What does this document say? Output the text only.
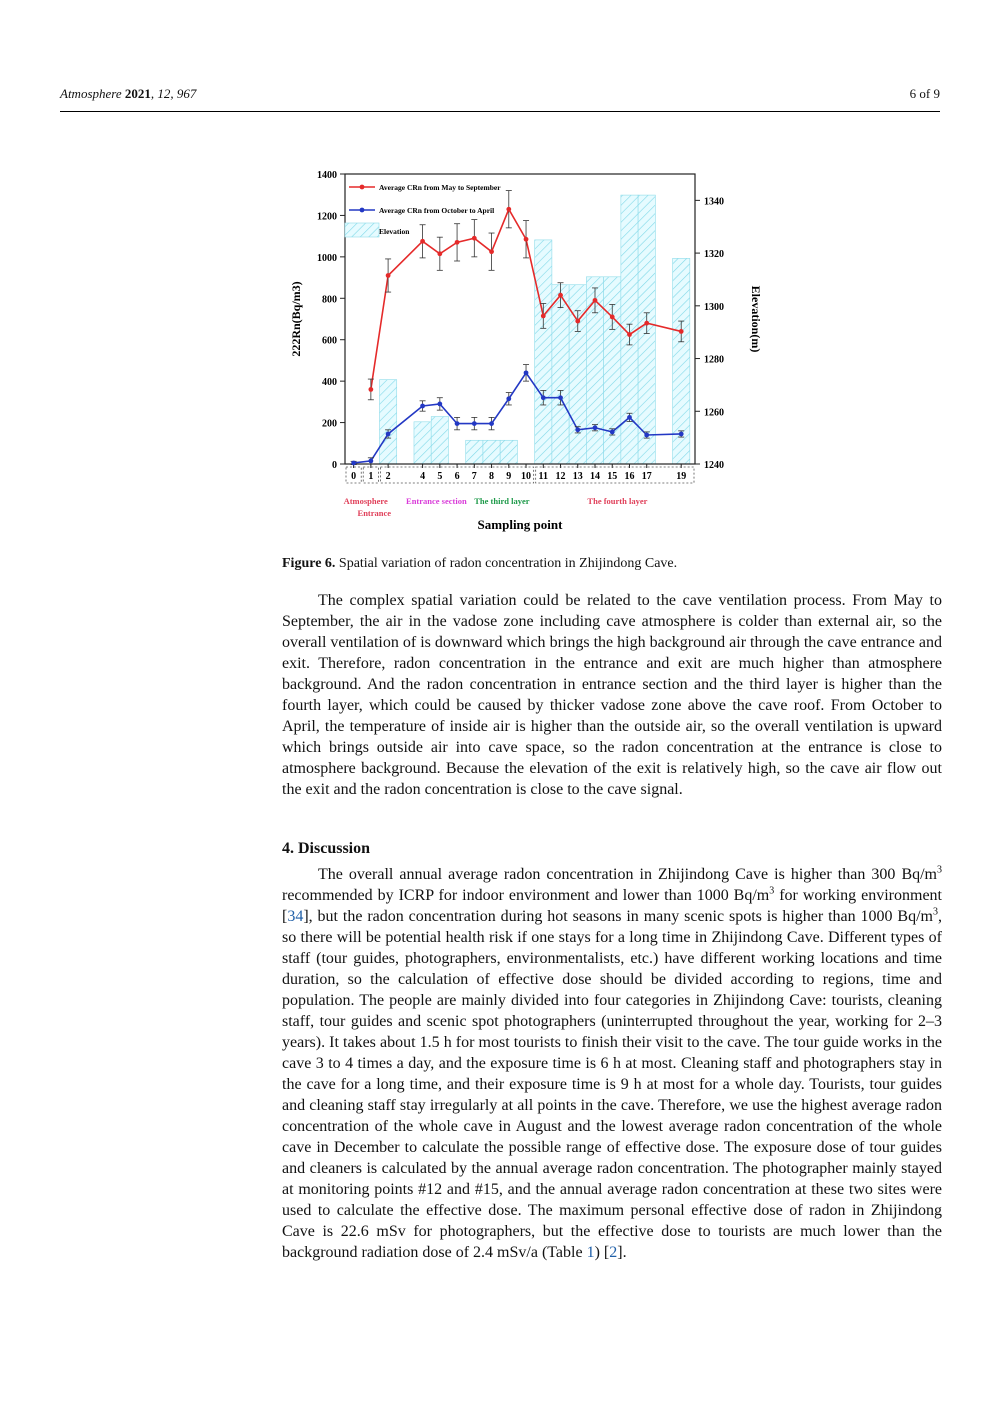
Atmosphere 2021, 12, 967	6 of 9
0
200
400
600
800
1000
1200
1400
1240
1260
1280
1300
1320
1340
0 1 2	4 5 6 7 8 9 10 11 12 13 14 15 16 17 19
222Rn(Bq/m3)	Elevation(m)
Sampling point
Average CRn from May to September
Average CRn from October to April
Elevation
Atmosphere
Entrance
Entrance section The third layer	The fourth layer
Figure 6. Spatial variation of radon concentration in Zhijindong Cave.
The complex spatial variation could be related to the cave ventilation process. From May to September, the air in the vadose zone including cave atmosphere is colder than external air, so the overall ventilation of is downward which brings the high background air through the cave entrance and exit. Therefore, radon concentration in the entrance and exit are much higher than atmosphere background. And the radon concentration in entrance section and the third layer is higher than the fourth layer, which could be caused by thicker vadose zone above the cave roof. From October to April, the temperature of inside air is higher than the outside air, so the overall ventilation is upward which brings outside air into cave space, so the radon concentration at the entrance is close to atmosphere background. Because the elevation of the exit is relatively high, so the cave air flow out the exit and the radon concentration is close to the cave signal.
4. Discussion
The overall annual average radon concentration in Zhijindong Cave is higher than 300 $Bq/m^3$ recommended by ICRP for indoor environment and lower than 1000 $Bq/m^3$ for working environment [34], but the radon concentration during hot seasons in many scenic spots is higher than 1000 $Bq/m^3$, so there will be potential health risk if one stays for a long time in Zhijindong Cave. Different types of staff (tour guides, photographers, environmentalists, etc.) have different working locations and time duration, so the calculation of effective dose should be divided according to regions, time and population. The people are mainly divided into four categories in Zhijindong Cave: tourists, cleaning staff, tour guides and scenic spot photographers (uninterrupted throughout the year, working for 2–3 years). It takes about 1.5 h for most tourists to finish their visit to the cave. The tour guide works in the cave 3 to 4 times a day, and the exposure time is 6 h at most. Cleaning staff and photographers stay in the cave for a long time, and their exposure time is 9 h at most for a whole day. Tourists, tour guides and cleaning staff stay irregularly at all points in the cave. Therefore, we use the highest average radon concentration of the whole cave in August and the lowest average radon concentration of the whole cave in December to calculate the possible range of effective dose. The exposure dose of tour guides and cleaners is calculated by the annual average radon concentration. The photographer mainly stayed at monitoring points #12 and #15, and the annual average radon concentration at these two sites were used to calculate the effective dose. The maximum personal effective dose of radon in Zhijindong Cave is 22.6 mSv for photographers, but the effective dose to tourists are much lower than the background radiation dose of 2.4 mSv/a (Table 1) [2].
